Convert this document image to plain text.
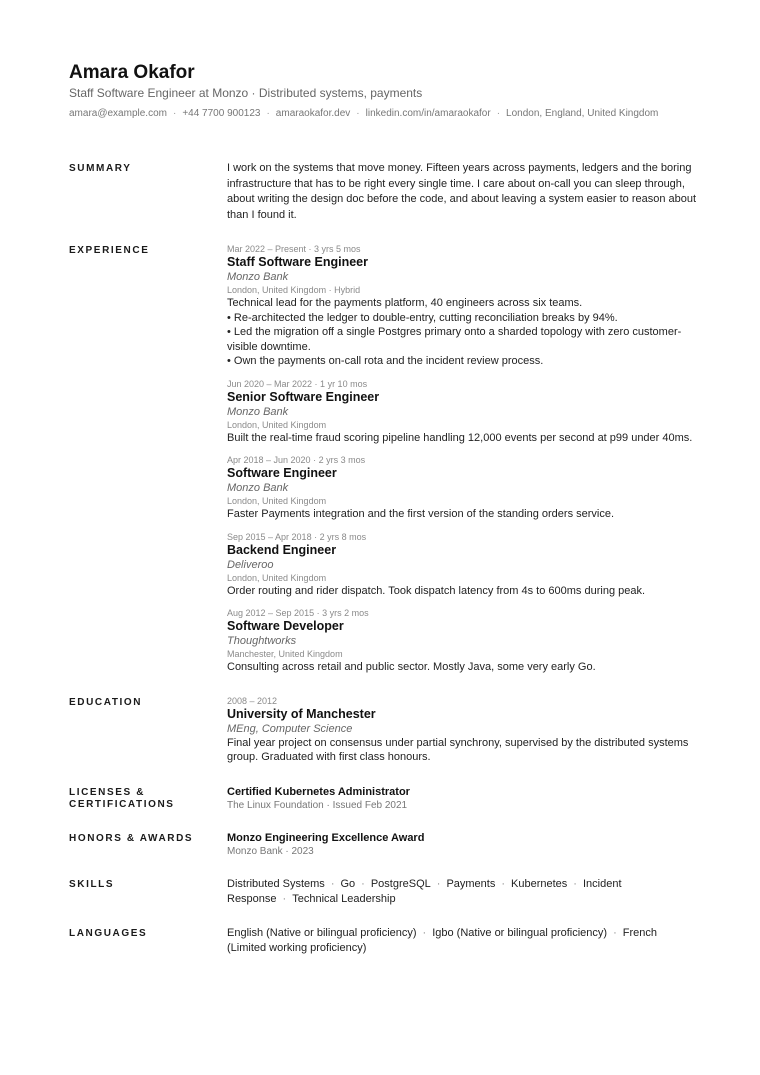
Amara Okafor
Staff Software Engineer at Monzo · Distributed systems, payments
amara@example.com · +44 7700 900123 · amaraokafor.dev · linkedin.com/in/amaraokafor · London, England, United Kingdom
SUMMARY	I work on the systems that move money. Fifteen years across payments, ledgers and the boring infrastructure that has to be right every single time. I care about on-call you can sleep through, about writing the design doc before the code, and about leaving a system easier to reason about than I found it.
EXPERIENCE	Mar 2022 – Present · 3 yrs 5 mos
Staff Software Engineer
Monzo Bank
London, United Kingdom · Hybrid
Technical lead for the payments platform, 40 engineers across six teams.
• Re-architected the ledger to double-entry, cutting reconciliation breaks by 94%.
• Led the migration off a single Postgres primary onto a sharded topology with zero customer-visible downtime.
• Own the payments on-call rota and the incident review process.
Jun 2020 – Mar 2022 · 1 yr 10 mos
Senior Software Engineer
Monzo Bank
London, United Kingdom
Built the real-time fraud scoring pipeline handling 12,000 events per second at p99 under 40ms.
Apr 2018 – Jun 2020 · 2 yrs 3 mos
Software Engineer
Monzo Bank
London, United Kingdom
Faster Payments integration and the first version of the standing orders service.
Sep 2015 – Apr 2018 · 2 yrs 8 mos
Backend Engineer
Deliveroo
London, United Kingdom
Order routing and rider dispatch. Took dispatch latency from 4s to 600ms during peak.
Aug 2012 – Sep 2015 · 3 yrs 2 mos
Software Developer
Thoughtworks
Manchester, United Kingdom
Consulting across retail and public sector. Mostly Java, some very early Go.
EDUCATION	2008 – 2012
University of Manchester
MEng, Computer Science
Final year project on consensus under partial synchrony, supervised by the distributed systems group. Graduated with first class honours.
LICENSES & CERTIFICATIONS
Certified Kubernetes Administrator
The Linux Foundation · Issued Feb 2021
HONORS & AWARDS	Monzo Engineering Excellence Award
Monzo Bank · 2023
SKILLS	Distributed Systems · Go · PostgreSQL · Payments · Kubernetes · Incident Response · Technical Leadership
LANGUAGES	English (Native or bilingual proficiency) · Igbo (Native or bilingual proficiency) · French (Limited working proficiency)
